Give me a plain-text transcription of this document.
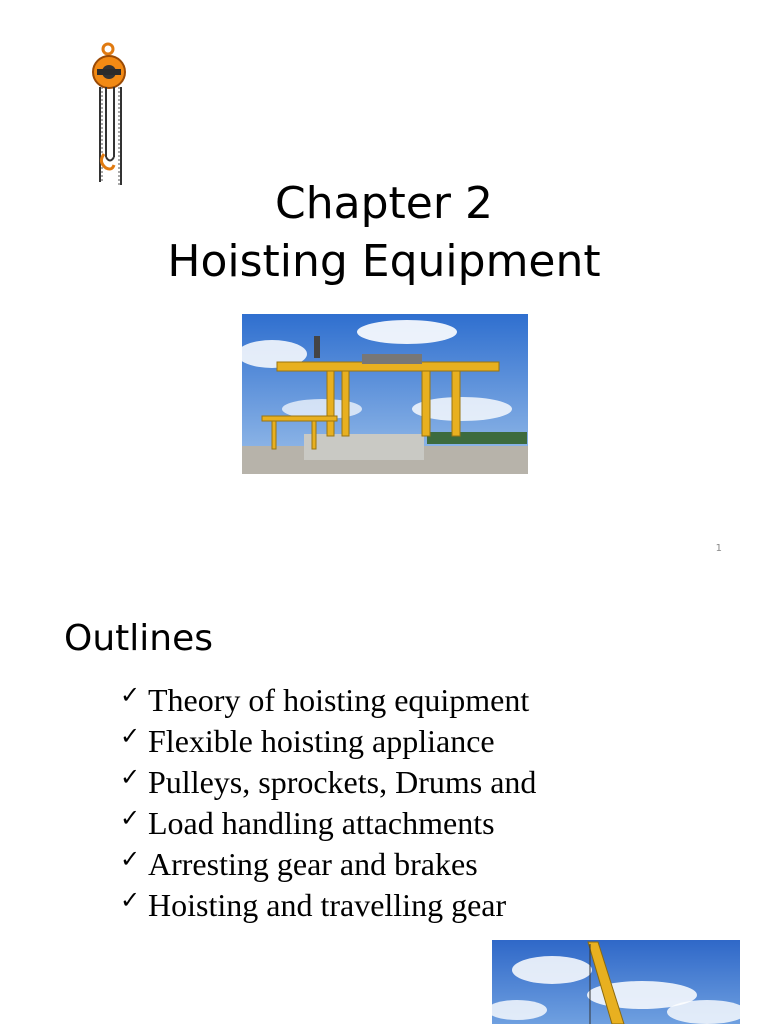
Chapter 2
Hoisting Equipment
1
Outlines
✓ Theory of hoisting equipment
✓ Flexible hoisting appliance
✓ Pulleys, sprockets, Drums and
✓ Load handling attachments
✓ Arresting gear and brakes
✓ Hoisting and travelling gear
